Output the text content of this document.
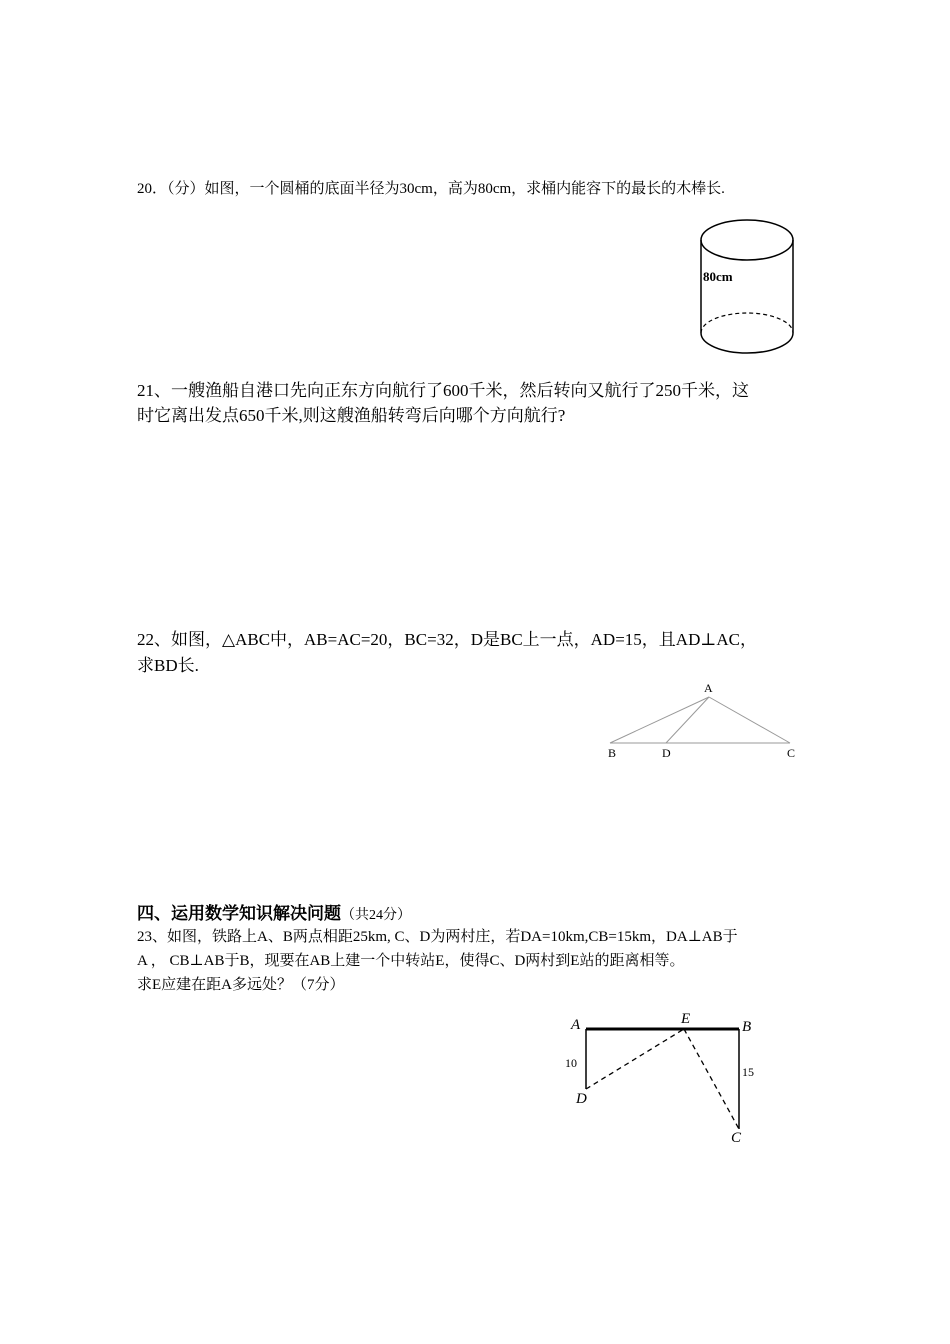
20．（分）如图，一个圆桶的底面半径为30cm，高为80cm，求桶内能容下的最长的木棒长.
80cm
21、一艘渔船自港口先向正东方向航行了600千米，然后转向又航行了250千米，这
时它离出发点650千米,则这艘渔船转弯后向哪个方向航行?
22、如图，△ABC中，AB=AC=20，BC=32，D是BC上一点，AD=15，且AD⊥AC，
求BD长.
A
B	D	C
四、运用数学知识解决问题（共24分）
23、如图，铁路上A、B两点相距25km, C、D为两村庄，若DA=10km,CB=15km，DA⊥AB于
A ， CB⊥AB于B，现要在AB上建一个中转站E，使得C、D两村到E站的距离相等。
求E应建在距A多远处？（7分）
A	E	B
D
C
10
15
